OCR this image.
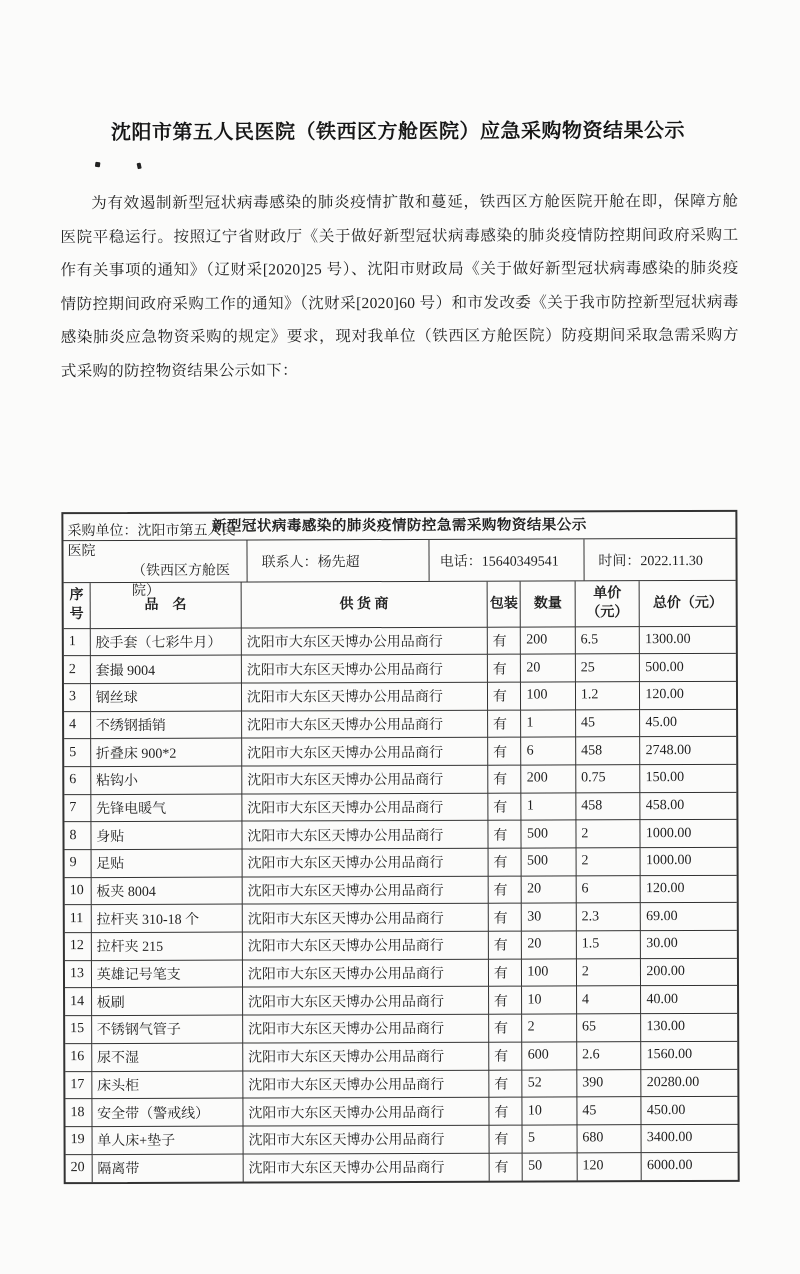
沈阳市第五人民医院（铁西区方舱医院）应急采购物资结果公示

为有效遏制新型冠状病毒感染的肺炎疫情扩散和蔓延，铁西区方舱医院开舱在即，保障方舱医院平稳运行。按照辽宁省财政厅《关于做好新型冠状病毒感染的肺炎疫情防控期间政府采购工作有关事项的通知》（辽财采[2020]25 号）、沈阳市财政局《关于做好新型冠状病毒感染的肺炎疫情防控期间政府采购工作的通知》（沈财采[2020]60 号）和市发改委《关于我市防控新型冠状病毒感染肺炎应急物资采购的规定》要求，现对我单位（铁西区方舱医院）防疫期间采取急需采购方式采购的防控物资结果公示如下：

新型冠状病毒感染的肺炎疫情防控急需采购物资结果公示
采购单位：沈阳市第五人民医院
（铁西区方舱医院）
联系人：杨先超	电话：15640349541	时间：2022.11.30
序号	品　名	供 货 商	包装	数量	单价（元）	总价（元）
1	胶手套（七彩牛月）	沈阳市大东区天博办公用品商行	有	200	6.5	1300.00
2	套撮 9004	沈阳市大东区天博办公用品商行	有	20	25	500.00
3	钢丝球	沈阳市大东区天博办公用品商行	有	100	1.2	120.00
4	不绣钢插销	沈阳市大东区天博办公用品商行	有	1	45	45.00
5	折叠床 900*2	沈阳市大东区天博办公用品商行	有	6	458	2748.00
6	粘钩小	沈阳市大东区天博办公用品商行	有	200	0.75	150.00
7	先锋电暖气	沈阳市大东区天博办公用品商行	有	1	458	458.00
8	身贴	沈阳市大东区天博办公用品商行	有	500	2	1000.00
9	足贴	沈阳市大东区天博办公用品商行	有	500	2	1000.00
10	板夹 8004	沈阳市大东区天博办公用品商行	有	20	6	120.00
11	拉杆夹 310-18 个	沈阳市大东区天博办公用品商行	有	30	2.3	69.00
12	拉杆夹 215	沈阳市大东区天博办公用品商行	有	20	1.5	30.00
13	英雄记号笔支	沈阳市大东区天博办公用品商行	有	100	2	200.00
14	板刷	沈阳市大东区天博办公用品商行	有	10	4	40.00
15	不锈钢气管子	沈阳市大东区天博办公用品商行	有	2	65	130.00
16	尿不湿	沈阳市大东区天博办公用品商行	有	600	2.6	1560.00
17	床头柜	沈阳市大东区天博办公用品商行	有	52	390	20280.00
18	安全带（警戒线）	沈阳市大东区天博办公用品商行	有	10	45	450.00
19	单人床+垫子	沈阳市大东区天博办公用品商行	有	5	680	3400.00
20	隔离带	沈阳市大东区天博办公用品商行	有	50	120	6000.00
